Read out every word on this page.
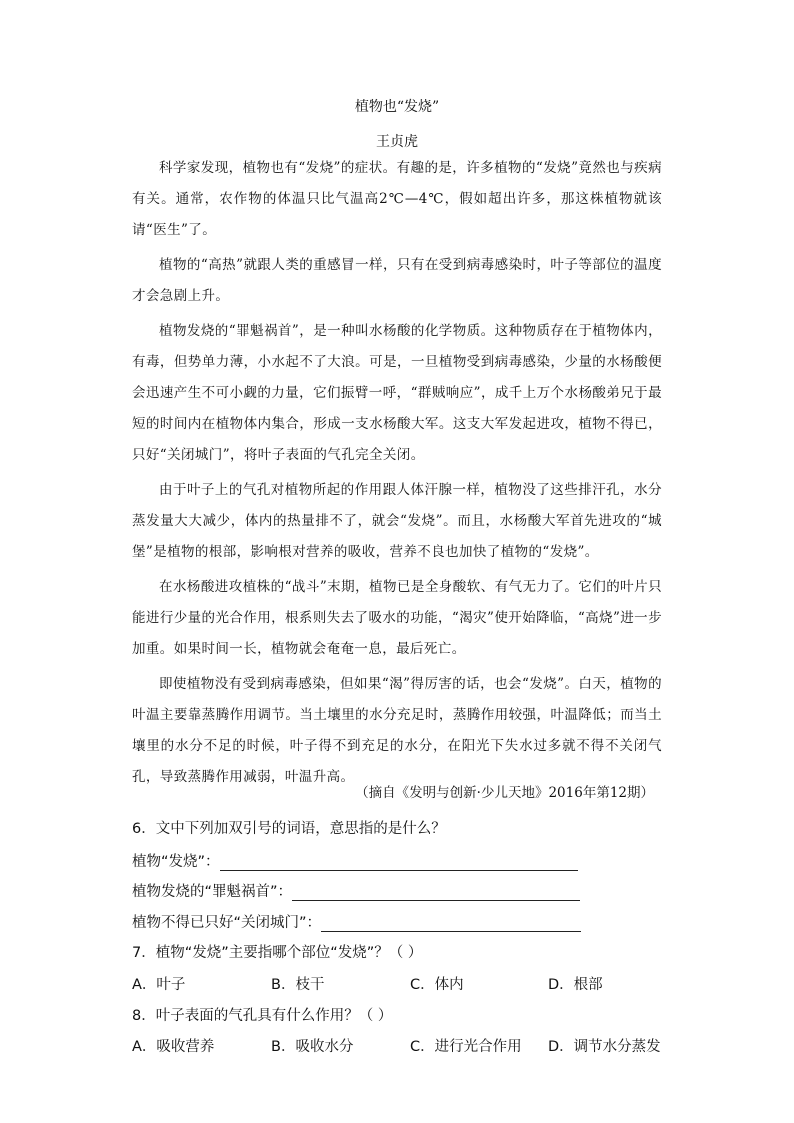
植物也“发烧”
王贞虎

科学家发现，植物也有“发烧”的症状。有趣的是，许多植物的“发烧”竟然也与疾病有关。通常，农作物的体温只比气温高2℃—4℃，假如超出许多，那这株植物就该请“医生”了。

植物的“高热”就跟人类的重感冒一样，只有在受到病毒感染时，叶子等部位的温度才会急剧上升。

植物发烧的“罪魁祸首”，是一种叫水杨酸的化学物质。这种物质存在于植物体内，有毒，但势单力薄，小水起不了大浪。可是，一旦植物受到病毒感染，少量的水杨酸便会迅速产生不可小觑的力量，它们振臂一呼，“群贼响应”，成千上万个水杨酸弟兄于最短的时间内在植物体内集合，形成一支水杨酸大军。这支大军发起进攻，植物不得已，只好“关闭城门”，将叶子表面的气孔完全关闭。

由于叶子上的气孔对植物所起的作用跟人体汗腺一样，植物没了这些排汗孔，水分蒸发量大大减少，体内的热量排不了，就会“发烧”。而且，水杨酸大军首先进攻的“城堡”是植物的根部，影响根对营养的吸收，营养不良也加快了植物的“发烧”。

在水杨酸进攻植株的“战斗”末期，植物已是全身酸软、有气无力了。它们的叶片只能进行少量的光合作用，根系则失去了吸水的功能，“渴灾”使开始降临，“高烧”进一步加重。如果时间一长，植物就会奄奄一息，最后死亡。

即使植物没有受到病毒感染，但如果“渴”得厉害的话，也会“发烧”。白天，植物的叶温主要靠蒸腾作用调节。当土壤里的水分充足时，蒸腾作用较强，叶温降低；而当土壤里的水分不足的时候，叶子得不到充足的水分，在阳光下失水过多就不得不关闭气孔，导致蒸腾作用减弱，叶温升高。

（摘自《发明与创新·少儿天地》2016年第12期）
6．文中下列加双引号的词语，意思指的是什么？
植物“发烧”：
植物发烧的“罪魁祸首”：
植物不得已只好“关闭城门”：
7．植物“发烧”主要指哪个部位“发烧”？（ ）
A．叶子	B．枝干	C．体内	D．根部
8．叶子表面的气孔具有什么作用？（ ）
A．吸收营养	B．吸收水分	C．进行光合作用 D．调节水分蒸发
